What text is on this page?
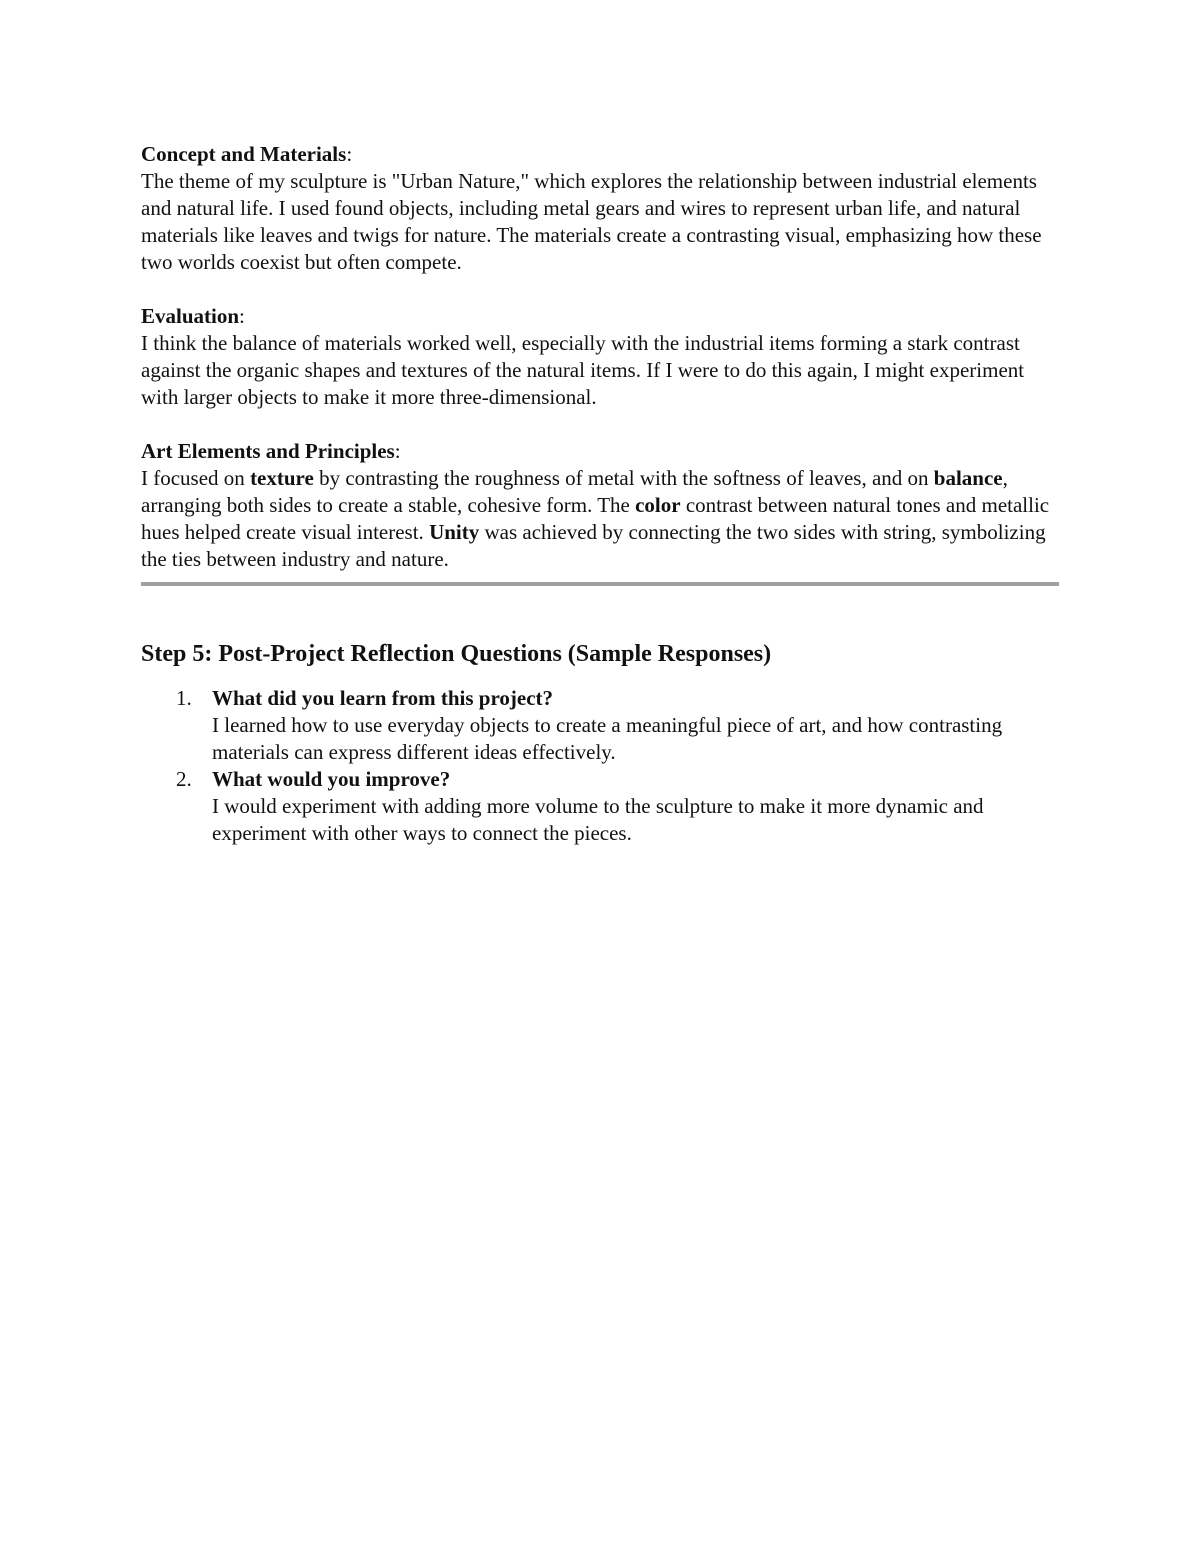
Concept and Materials:

The theme of my sculpture is "Urban Nature," which explores the relationship between industrial elements and natural life. I used found objects, including metal gears and wires to represent urban life, and natural materials like leaves and twigs for nature. The materials create a contrasting visual, emphasizing how these two worlds coexist but often compete.

Evaluation:

I think the balance of materials worked well, especially with the industrial items forming a stark contrast against the organic shapes and textures of the natural items. If I were to do this again, I might experiment with larger objects to make it more three-dimensional.

Art Elements and Principles:

I focused on texture by contrasting the roughness of metal with the softness of leaves, and on balance, arranging both sides to create a stable, cohesive form. The color contrast between natural tones and metallic hues helped create visual interest. Unity was achieved by connecting the two sides with string, symbolizing the ties between industry and nature.

Step 5: Post-Project Reflection Questions (Sample Responses)
1. What did you learn from this project?
I learned how to use everyday objects to create a meaningful piece of art, and how contrasting materials can express different ideas effectively.
2. What would you improve?
I would experiment with adding more volume to the sculpture to make it more dynamic and experiment with other ways to connect the pieces.
